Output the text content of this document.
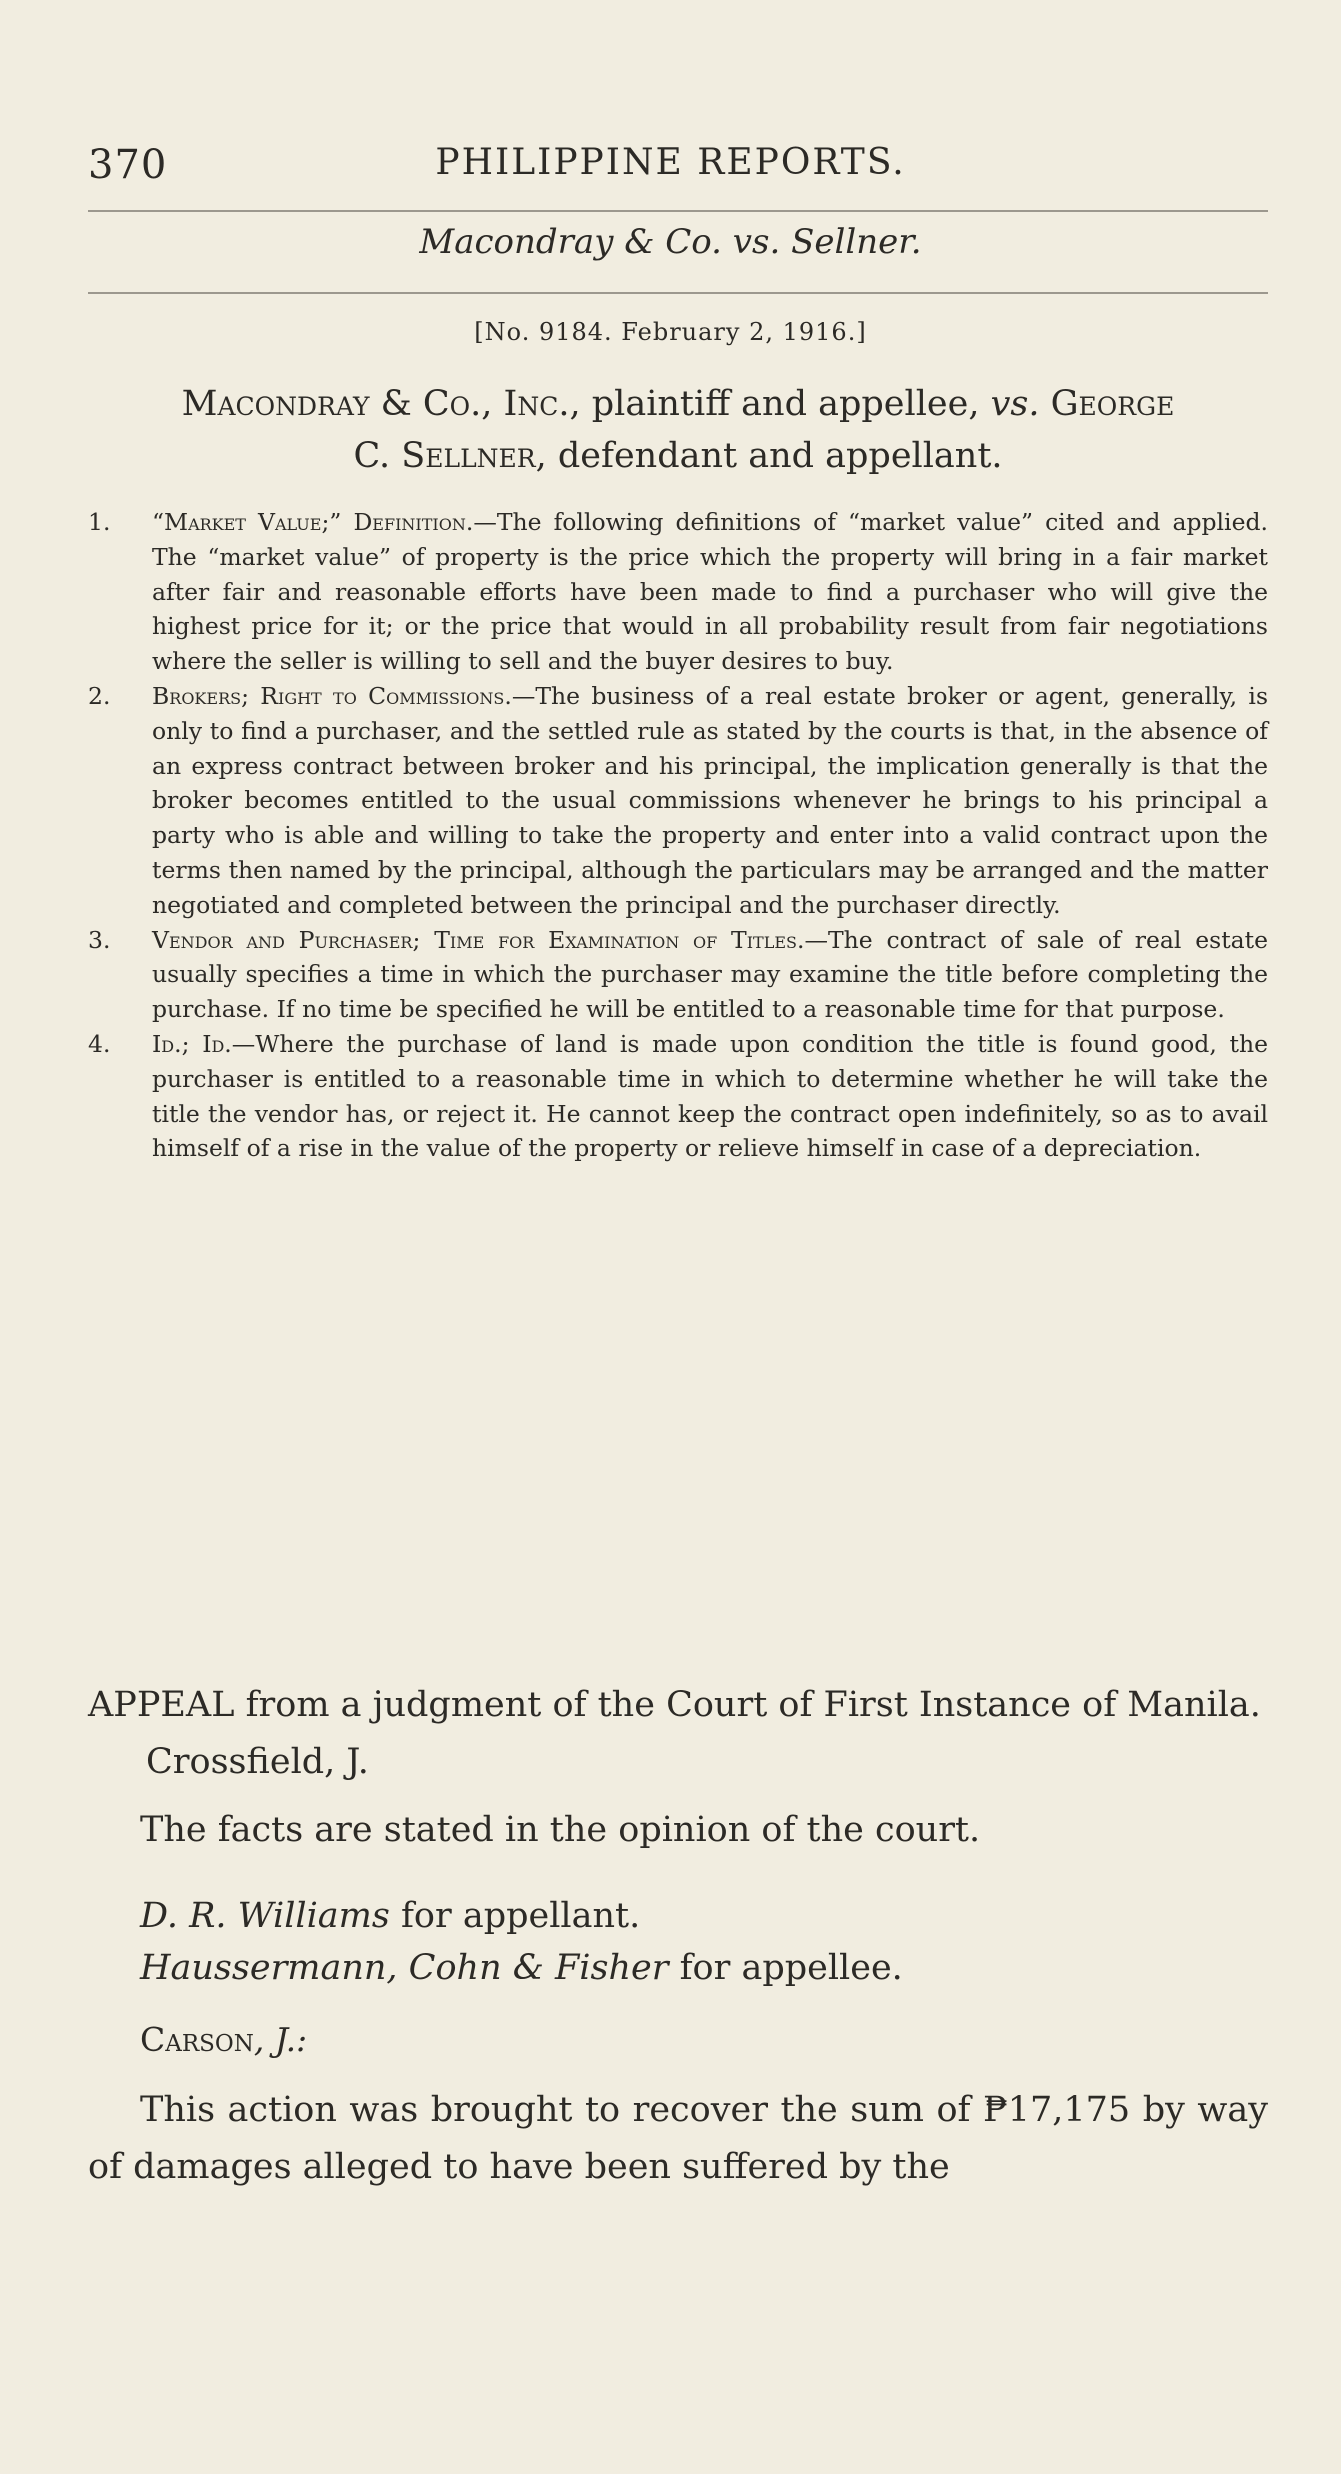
370	PHILIPPINE REPORTS.
Macondray & Co. vs. Sellner.
[No. 9184. February 2, 1916.]
Macondray & Co., Inc., plaintiff and appellee, vs. George
C. Sellner, defendant and appellant.
1. “Market Value;” Definition.—The following definitions of “market value” cited and applied. The “market value” of property is the price which the property will bring in a fair market after fair and reasonable efforts have been made to find a purchaser who will give the highest price for it; or the price that would in all probability result from fair negotiations where the seller is willing to sell and the buyer desires to buy.
2. Brokers; Right to Commissions.—The business of a real estate broker or agent, generally, is only to find a purchaser, and the settled rule as stated by the courts is that, in the absence of an express contract between broker and his principal, the implication generally is that the broker becomes entitled to the usual commissions whenever he brings to his principal a party who is able and willing to take the property and enter into a valid contract upon the terms then named by the principal, although the particulars may be arranged and the matter negotiated and completed between the principal and the purchaser directly.
3. Vendor and Purchaser; Time for Examination of Titles.—The contract of sale of real estate usually specifies a time in which the purchaser may examine the title before completing the purchase. If no time be specified he will be entitled to a reasonable time for that purpose.
4. Id.; Id.—Where the purchase of land is made upon condition the title is found good, the purchaser is entitled to a reasonable time in which to determine whether he will take the title the vendor has, or reject it. He cannot keep the contract open indefinitely, so as to avail himself of a rise in the value of the property or relieve himself in case of a depreciation.
APPEAL from a judgment of the Court of First Instance of Manila. Crossfield, J.
The facts are stated in the opinion of the court.
D. R. Williams for appellant.
Haussermann, Cohn & Fisher for appellee.
Carson, J.:
This action was brought to recover the sum of ₱17,175 by way of damages alleged to have been suffered by the
